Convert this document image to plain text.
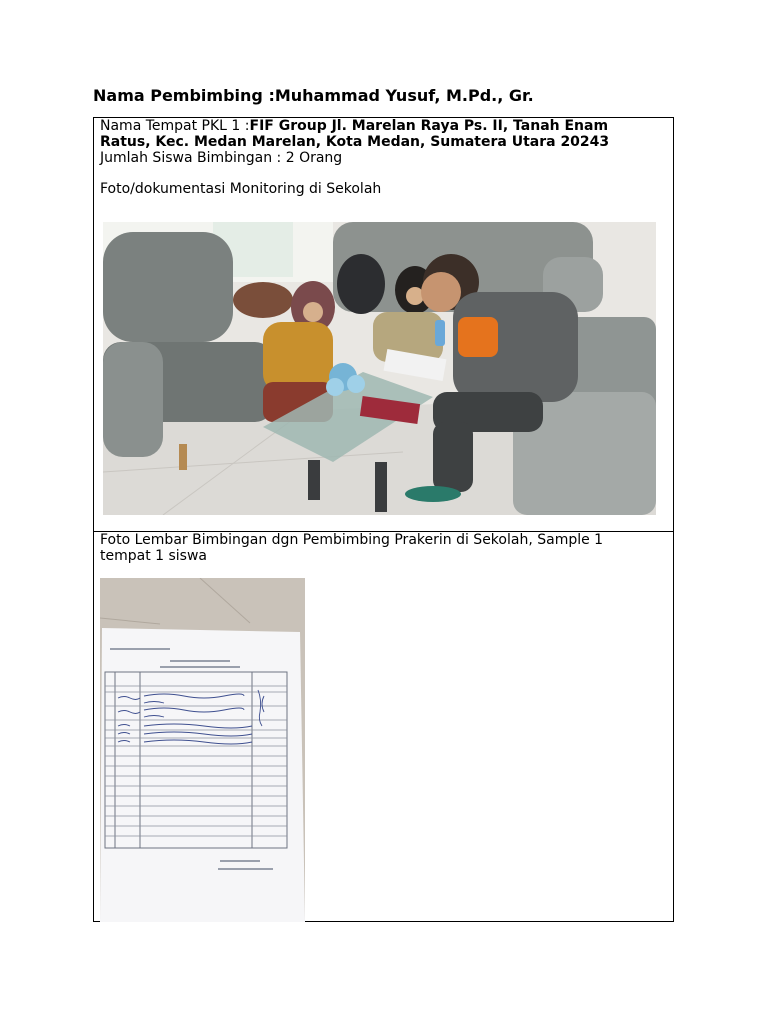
Nama Pembimbing :Muhammad Yusuf, M.Pd., Gr.
Nama Tempat PKL 1 :FIF Group Jl. Marelan Raya Ps. II, Tanah Enam
Ratus, Kec. Medan Marelan, Kota Medan, Sumatera Utara 20243
Jumlah Siswa Bimbingan : 2 Orang
Foto/dokumentasi Monitoring di Sekolah
Foto Lembar Bimbingan dgn Pembimbing Prakerin di Sekolah, Sample 1
tempat 1 siswa
